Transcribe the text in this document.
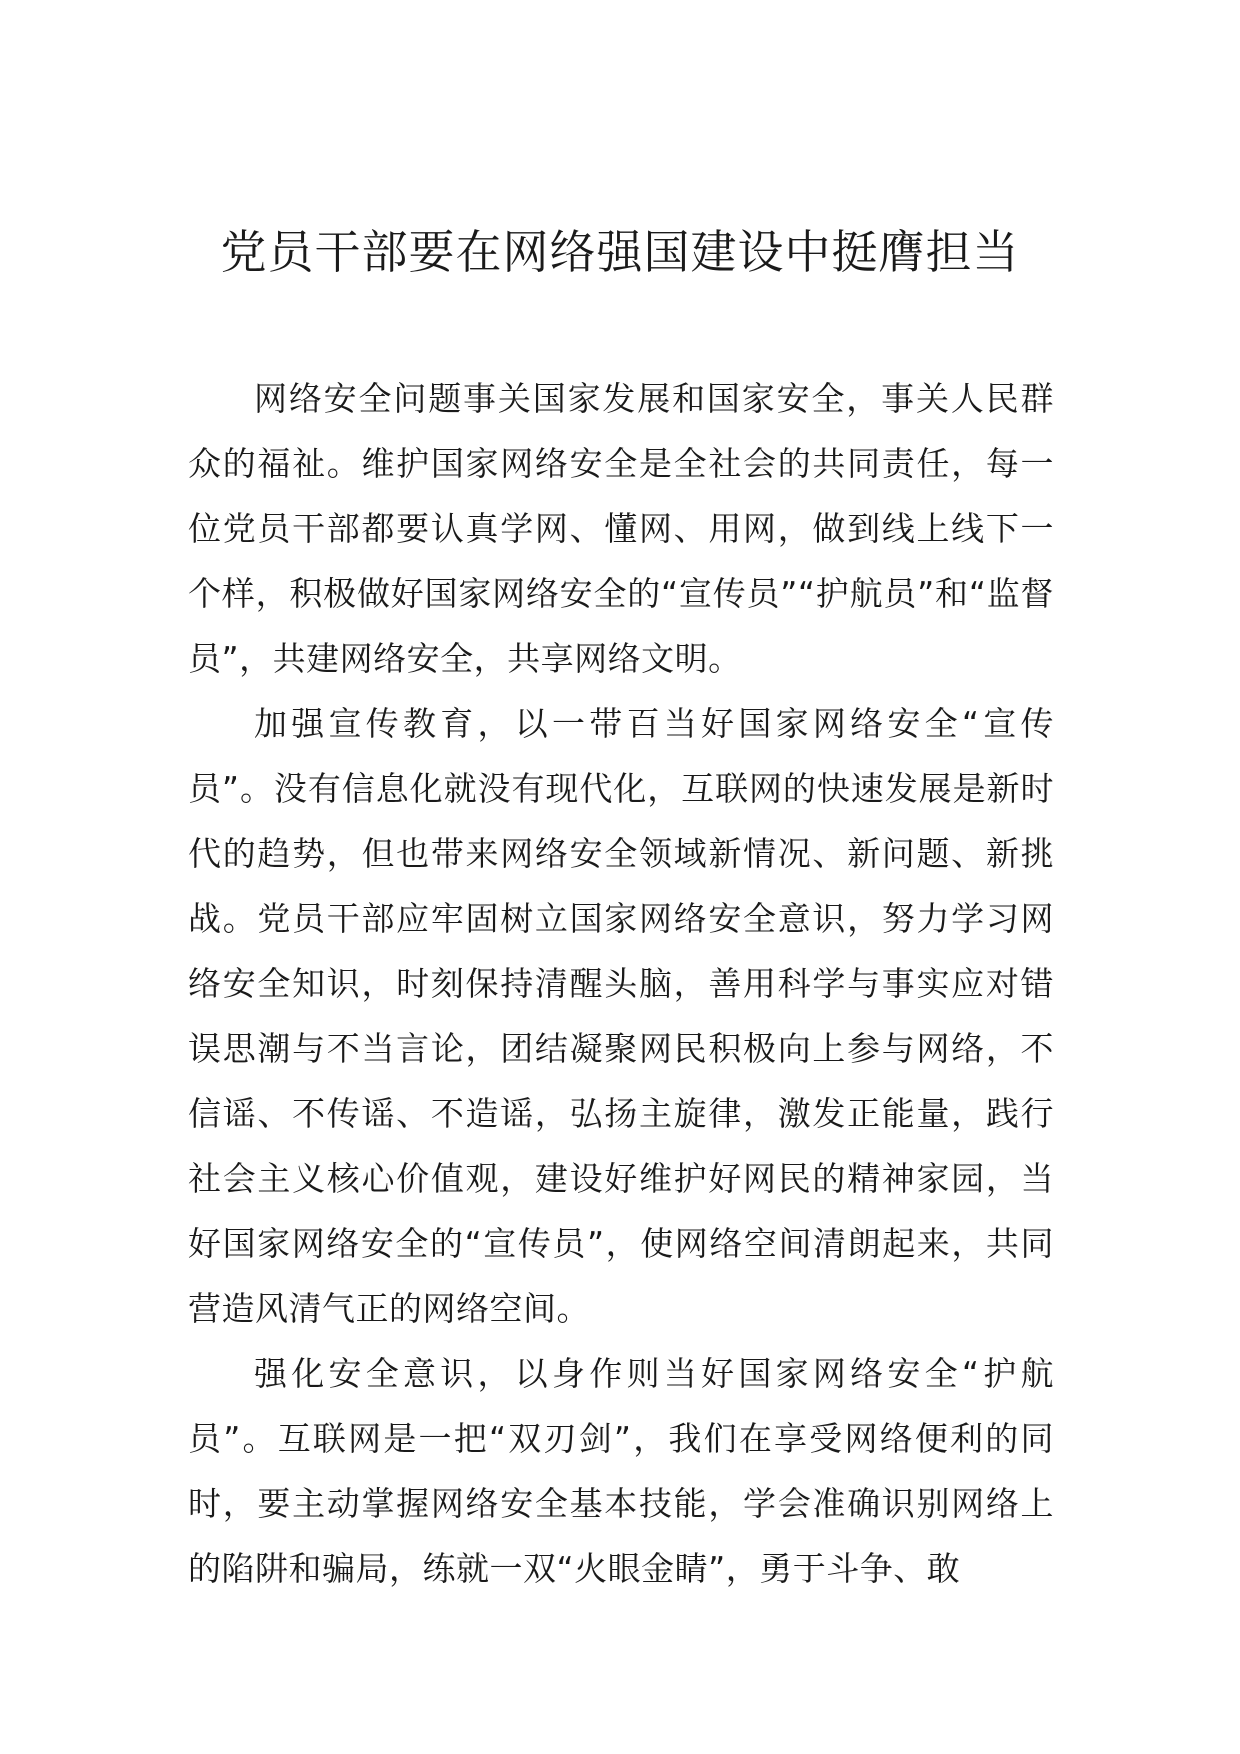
党员干部要在网络强国建设中挺膺担当

网络安全问题事关国家发展和国家安全，事关人民群众的福祉。维护国家网络安全是全社会的共同责任，每一位党员干部都要认真学网、懂网、用网，做到线上线下一个样，积极做好国家网络安全的“宣传员”“护航员”和“监督员”，共建网络安全，共享网络文明。

加强宣传教育，以一带百当好国家网络安全“宣传员”。没有信息化就没有现代化，互联网的快速发展是新时代的趋势，但也带来网络安全领域新情况、新问题、新挑战。党员干部应牢固树立国家网络安全意识，努力学习网络安全知识，时刻保持清醒头脑，善用科学与事实应对错误思潮与不当言论，团结凝聚网民积极向上参与网络，不信谣、不传谣、不造谣，弘扬主旋律，激发正能量，践行社会主义核心价值观，建设好维护好网民的精神家园，当好国家网络安全的“宣传员”，使网络空间清朗起来，共同营造风清气正的网络空间。

强化安全意识，以身作则当好国家网络安全“护航员”。互联网是一把“双刃剑”，我们在享受网络便利的同时，要主动掌握网络安全基本技能，学会准确识别网络上的陷阱和骗局，练就一双“火眼金睛”，勇于斗争、敢
